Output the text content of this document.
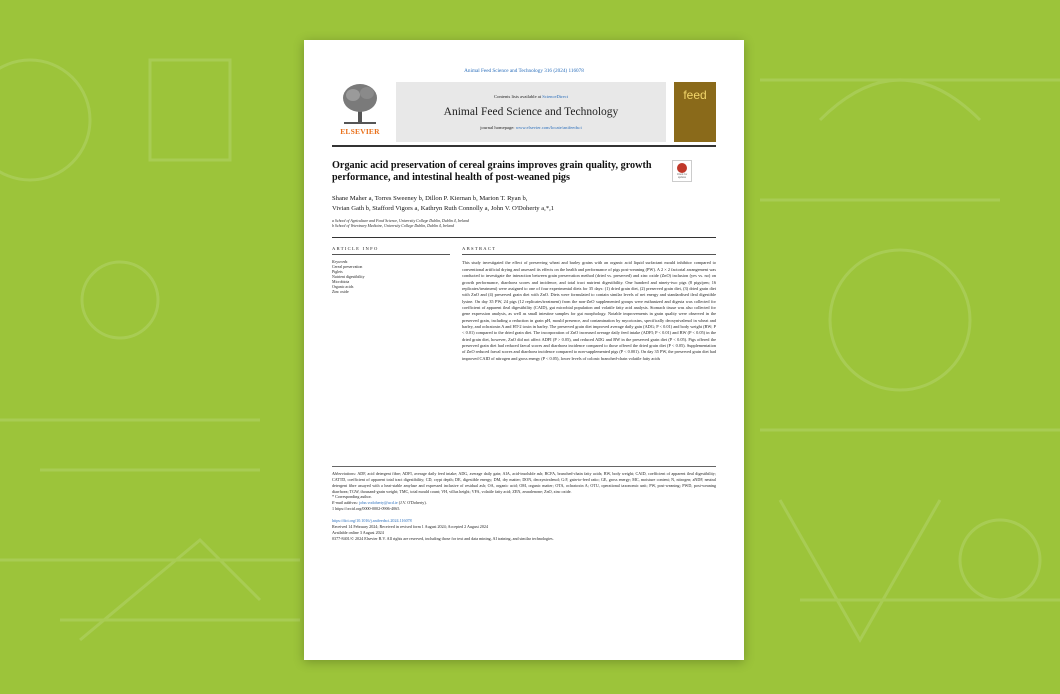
Animal Feed Science and Technology 316 (2024) 116078
ELSEVIER
Contents lists available at ScienceDirect
Animal Feed Science and Technology
journal homepage: www.elsevier.com/locate/anifeedsci
feed
Check for updates
Organic acid preservation of cereal grains improves grain quality, growth performance, and intestinal health of post-weaned pigs
Shane Maher a, Torres Sweeney b, Dillon P. Kiernan b, Marion T. Ryan b,
Vivian Gath b, Stafford Vigors a, Kathryn Ruth Connolly a, John V. O'Doherty a,*,1
a School of Agriculture and Food Science, University College Dublin, Dublin 4, Ireland
b School of Veterinary Medicine, University College Dublin, Dublin 4, Ireland
ARTICLE INFO
Keywords
Cereal preservation
Piglets
Nutrient digestibility
Microbiota
Organic acids
Zinc oxide
ABSTRACT
This study investigated the effect of preserving wheat and barley grains with an organic acid liquid surfactant mould inhibitor compared to conventional artificial drying and assessed its effects on the health and performance of pigs post-weaning (PW). A 2 × 2 factorial arrangement was conducted to investigate the interaction between grain preservation method (dried vs. preserved) and zinc oxide (ZnO) inclusion (yes vs. no) on growth performance, diarrhoea scores and incidence, and total tract nutrient digestibility. One hundred and ninety-two pigs (8 pigs/pen; 16 replicates/treatment) were assigned to one of four experimental diets for 35 days: (1) dried grain diet, (2) preserved grain diet, (3) dried grain diet with ZnO and (4) preserved grain diet with ZnO. Diets were formulated to contain similar levels of net energy and standardised ileal digestible lysine. On day 35 PW, 24 pigs (12 replicates/treatment) from the non-ZnO supplemented groups were euthanized and digesta was collected for coefficient of apparent ileal digestibility (CAID), gut microbial population and volatile fatty acid analysis. Stomach tissue was also collected for gene expression analysis, as well as small intestine samples for gut morphology. Notable improvements in grain quality were observed in the preserved grain, including a reduction in grain pH, mould presence, and contamination by mycotoxins, specifically deoxynivalenol in wheat and barley, and ochratoxin A and HT-2 toxin in barley. The preserved grain diet improved average daily gain (ADG; P < 0.01) and body weight (BW; P < 0.01) compared to the dried grain diet. The incorporation of ZnO increased average daily feed intake (ADFI; P < 0.01) and BW (P < 0.05) in the dried grain diet, however, ZnO did not affect ADFI (P > 0.05), and reduced ADG and BW in the preserved grain diet (P < 0.05). Pigs offered the preserved grain diet had reduced faecal scores and diarrhoea incidence compared to those offered the dried grain diet (P < 0.05). Supplementation of ZnO reduced faecal scores and diarrhoea incidence compared to non-supplemented pigs (P < 0.001). On day 35 PW, the preserved grain diet had improved CAID of nitrogen and gross energy (P < 0.05), lower levels of colonic branched-chain volatile fatty acids
Abbreviations: ADF, acid detergent fibre; ADFI, average daily feed intake; ADG, average daily gain; AIA, acid-insoluble ash; BCFA, branched-chain fatty acids; BW, body weight; CAID, coefficient of apparent ileal digestibility; CATTD, coefficient of apparent total tract digestibility; CD, crypt depth; DE, digestible energy; DM, dry matter; DON, deoxynivalenol; G:F, gain-to-feed ratio; GE, gross energy; MC, moisture content; N, nitrogen; aNDF, neutral detergent fibre assayed with a heat-stable amylase and expressed inclusive of residual ash; OA, organic acid; OM, organic matter; OTA, ochratoxin A; OTU, operational taxonomic unit; PW, post-weaning; PWD, post-weaning diarrhoea; TGW, thousand-grain weight; TMC, total mould count; VH, villus height; VFA, volatile fatty acid; ZEN, zearalenone; ZnO, zinc oxide.
* Corresponding author.
E-mail address: john.vodoherty@ucd.ie (J.V. O'Doherty).
1 https://orcid.org/0000-0002-0906-4065.
https://doi.org/10.1016/j.anifeedsci.2024.116078
Received 14 February 2024; Received in revised form 1 August 2024; Accepted 2 August 2024
Available online 3 August 2024
0377-8401/© 2024 Elsevier B.V. All rights are reserved, including those for text and data mining, AI training, and similar technologies.
